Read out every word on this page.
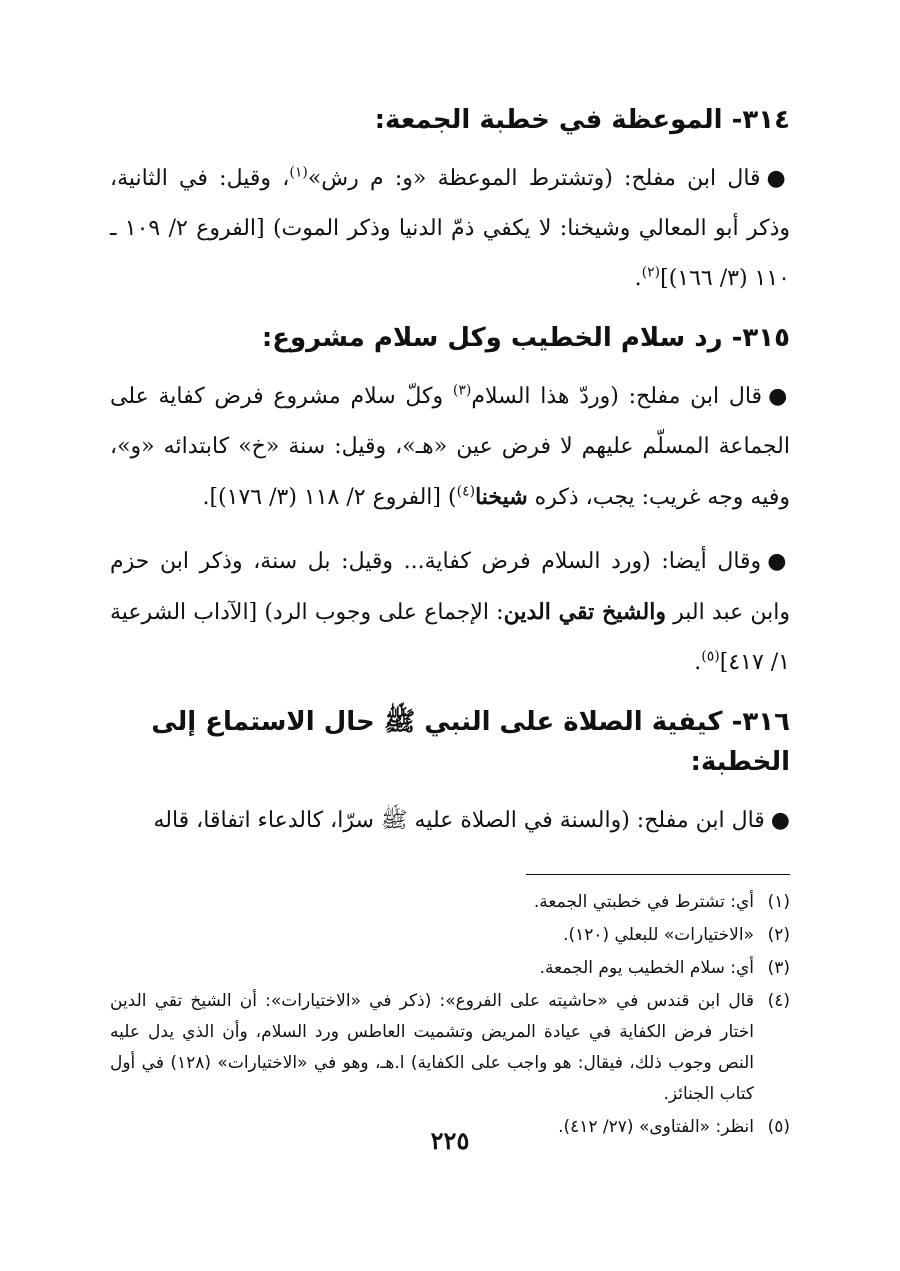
٣١٤- الموعظة في خطبة الجمعة:

●قال ابن مفلح: (وتشترط الموعظة «و: م رش»$^{(١)}$، وقيل: في الثانية، وذكر أبو المعالي وشيخنا: لا يكفي ذمّ الدنيا وذكر الموت) [الفروع ٢/ ١٠٩ ـ ١١٠ (٣/ ١٦٦)]$^{(٢)}$.

٣١٥- رد سلام الخطيب وكل سلام مشروع:

●قال ابن مفلح: (وردّ هذا السلام$^{(٣)}$ وكلّ سلام مشروع فرض كفاية على الجماعة المسلّم عليهم لا فرض عين «هـ»، وقيل: سنة «خ» كابتدائه «و»، وفيه وجه غريب: يجب، ذكره شيخنا$^{(٤)}$) [الفروع ٢/ ١١٨ (٣/ ١٧٦)].

●وقال أيضا: (ورد السلام فرض كفاية... وقيل: بل سنة، وذكر ابن حزم وابن عبد البر والشيخ تقي الدين: الإجماع على وجوب الرد) [الآداب الشرعية ١/ ٤١٧]$^{(٥)}$.

٣١٦- كيفية الصلاة على النبي ﷺ حال الاستماع إلى الخطبة:

●قال ابن مفلح: (والسنة في الصلاة عليه ﷺ سرّا، كالدعاء اتفاقا، قاله

(١)
أي: تشترط في خطبتي الجمعة.
(٢)
«الاختيارات» للبعلي (١٢٠).
(٣)
أي: سلام الخطيب يوم الجمعة.
(٤)
قال ابن قندس في «حاشيته على الفروع»: (ذكر في «الاختيارات»: أن الشيخ تقي الدين اختار فرض الكفاية في عيادة المريض وتشميت العاطس ورد السلام، وأن الذي يدل عليه النص وجوب ذلك، فيقال: هو واجب على الكفاية) ا.هـ، وهو في «الاختيارات» (١٢٨) في أول كتاب الجنائز.
(٥)
انظر: «الفتاوى» (٢٧/ ٤١٢).
٢٢٥
